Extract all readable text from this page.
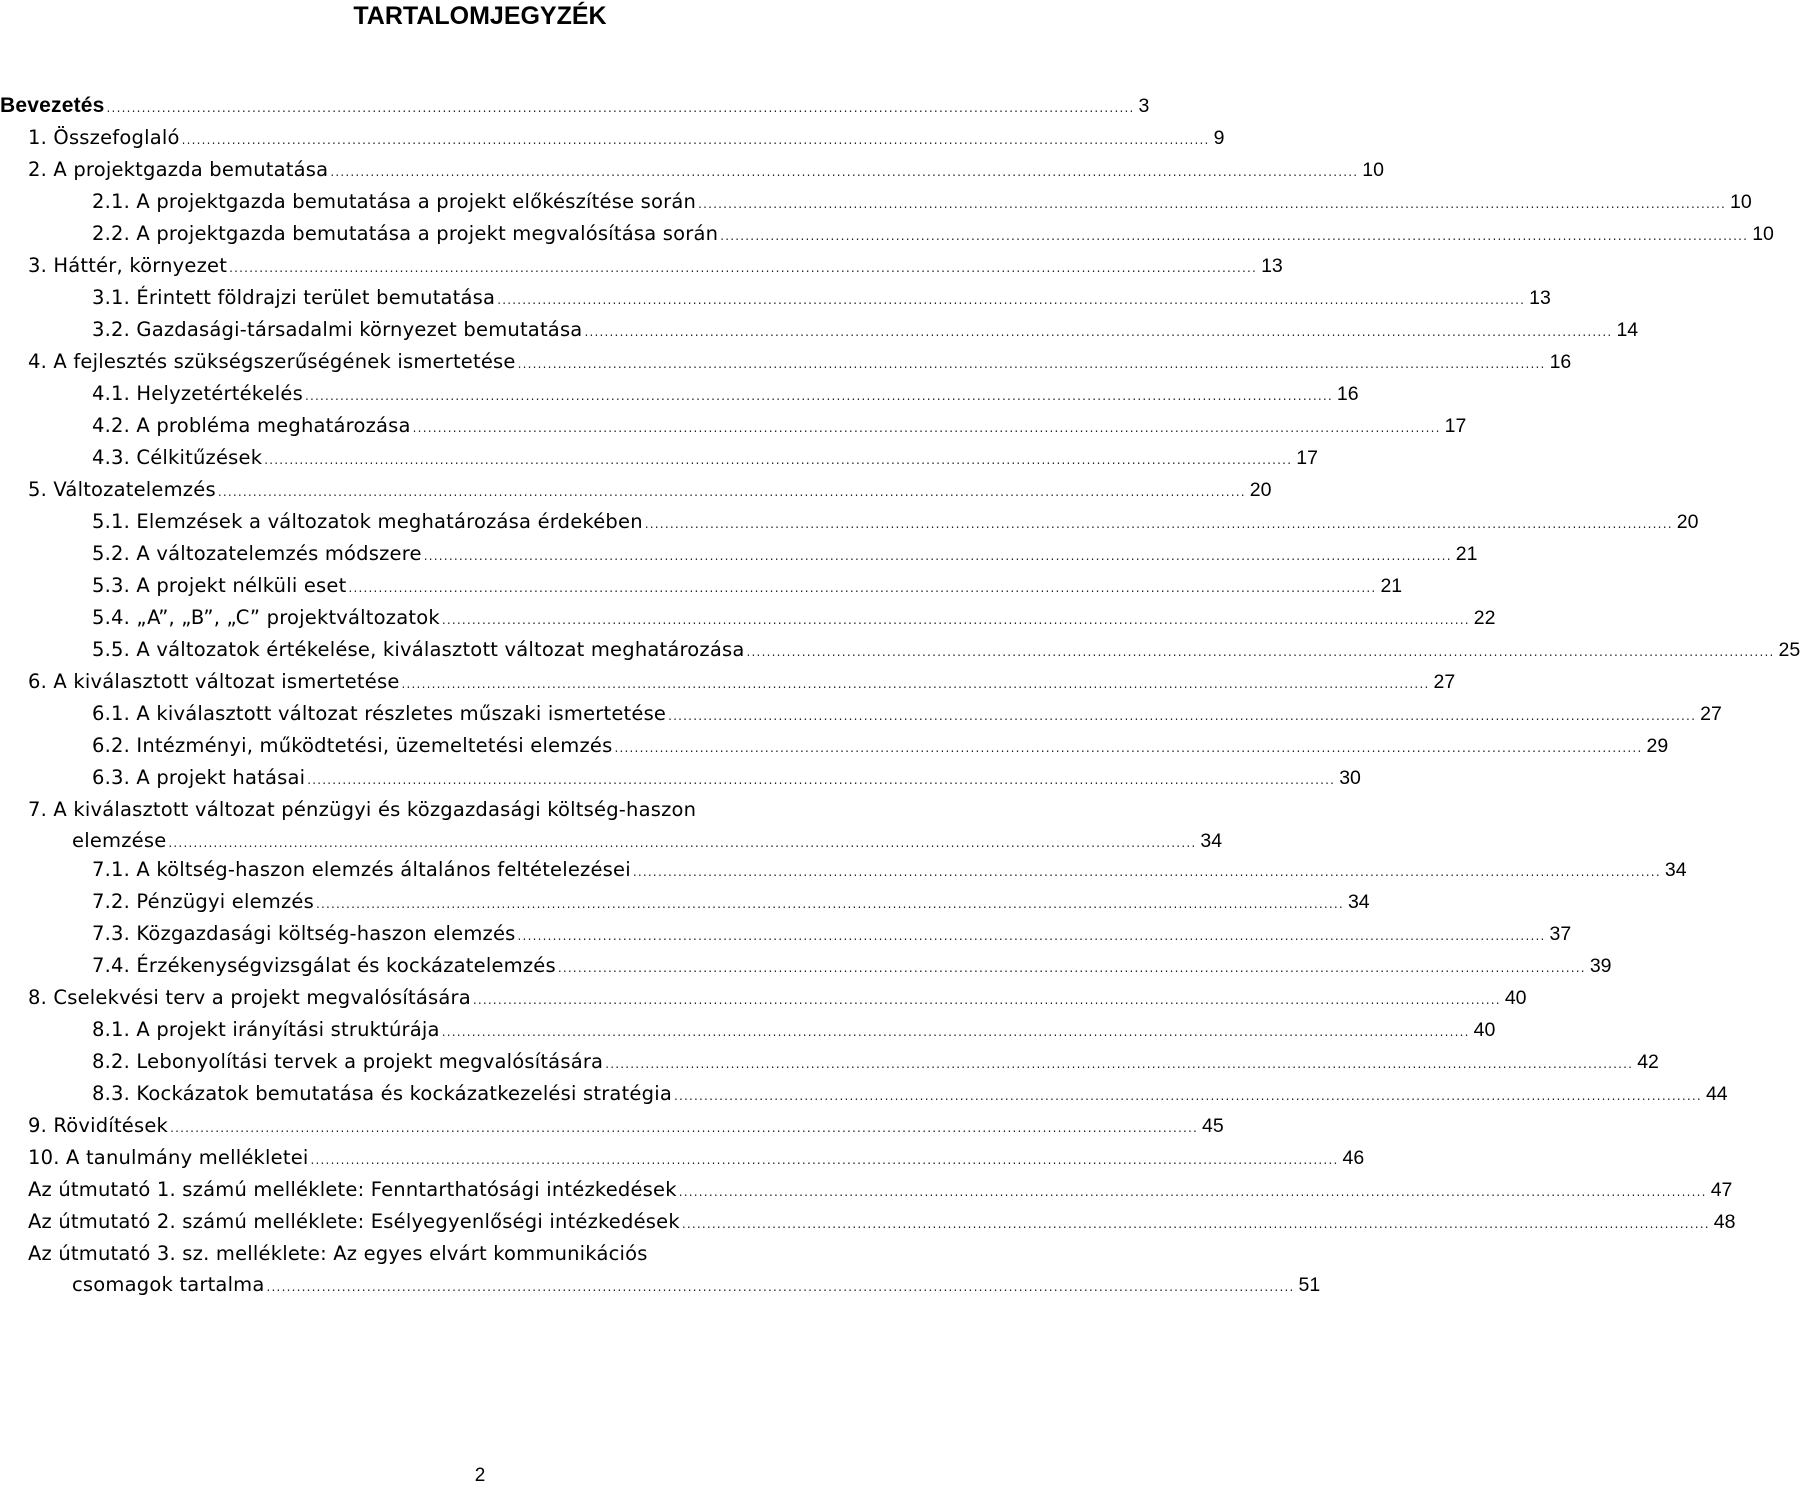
TARTALOMJEGYZÉK
Bevezetés ............................................................................................................................................................................................................. 3
1. Összefoglaló ............................................................................................................................................................................................................. 9
2. A projektgazda bemutatása ............................................................................................................................................................................................................. 10
2.1. A projektgazda bemutatása a projekt előkészítése során ............................................................................................................................................................................................................. 10
2.2. A projektgazda bemutatása a projekt megvalósítása során ............................................................................................................................................................................................................. 10
3. Háttér, környezet ............................................................................................................................................................................................................. 13
3.1. Érintett földrajzi terület bemutatása ............................................................................................................................................................................................................. 13
3.2. Gazdasági-társadalmi környezet bemutatása ............................................................................................................................................................................................................. 14
4. A fejlesztés szükségszerűségének ismertetése ............................................................................................................................................................................................................. 16
4.1. Helyzetértékelés ............................................................................................................................................................................................................. 16
4.2. A probléma meghatározása ............................................................................................................................................................................................................. 17
4.3. Célkitűzések ............................................................................................................................................................................................................. 17
5. Változatelemzés ............................................................................................................................................................................................................. 20
5.1. Elemzések a változatok meghatározása érdekében ............................................................................................................................................................................................................. 20
5.2. A változatelemzés módszere ............................................................................................................................................................................................................. 21
5.3. A projekt nélküli eset ............................................................................................................................................................................................................. 21
5.4. „A”, „B”, „C” projektváltozatok ............................................................................................................................................................................................................. 22
5.5. A változatok értékelése, kiválasztott változat meghatározása ............................................................................................................................................................................................................. 25
6. A kiválasztott változat ismertetése ............................................................................................................................................................................................................. 27
6.1. A kiválasztott változat részletes műszaki ismertetése ............................................................................................................................................................................................................. 27
6.2. Intézményi, működtetési, üzemeltetési elemzés ............................................................................................................................................................................................................. 29
6.3. A projekt hatásai ............................................................................................................................................................................................................. 30
7. A kiválasztott változat pénzügyi és közgazdasági költség-haszon
elemzése ............................................................................................................................................................................................................. 34
7.1. A költség-haszon elemzés általános feltételezései ............................................................................................................................................................................................................. 34
7.2. Pénzügyi elemzés ............................................................................................................................................................................................................. 34
7.3. Közgazdasági költség-haszon elemzés ............................................................................................................................................................................................................. 37
7.4. Érzékenységvizsgálat és kockázatelemzés ............................................................................................................................................................................................................. 39
8. Cselekvési terv a projekt megvalósítására ............................................................................................................................................................................................................. 40
8.1. A projekt irányítási struktúrája ............................................................................................................................................................................................................. 40
8.2. Lebonyolítási tervek a projekt megvalósítására ............................................................................................................................................................................................................. 42
8.3. Kockázatok bemutatása és kockázatkezelési stratégia ............................................................................................................................................................................................................. 44
9. Rövidítések ............................................................................................................................................................................................................. 45
10. A tanulmány mellékletei ............................................................................................................................................................................................................. 46
Az útmutató 1. számú melléklete: Fenntarthatósági intézkedések ............................................................................................................................................................................................................. 47
Az útmutató 2. számú melléklete: Esélyegyenlőségi intézkedések ............................................................................................................................................................................................................. 48
Az útmutató 3. sz. melléklete: Az egyes elvárt kommunikációs
csomagok tartalma ............................................................................................................................................................................................................. 51
2
